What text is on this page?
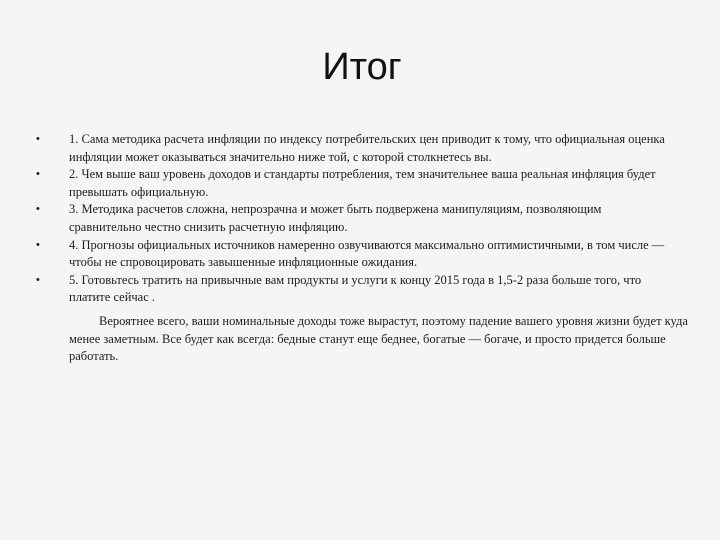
Итог
• 1. Сама методика расчета инфляции по индексу потребительских цен приводит к тому, что официальная оценка инфляции может оказываться значительно ниже той, с которой столкнетесь вы.
• 2. Чем выше ваш уровень доходов и стандарты потребления, тем значительнее ваша реальная инфляция будет превышать официальную.
• 3. Методика расчетов сложна, непрозрачна и может быть подвержена манипуляциям, позволяющим сравнительно честно снизить расчетную инфляцию.
• 4. Прогнозы официальных источников намеренно озвучиваются максимально оптимистичными, в том числе — чтобы не спровоцировать завышенные инфляционные ожидания.
• 5. Готовьтесь тратить на привычные вам продукты и услуги к концу 2015 года в 1,5-2 раза больше того, что платите сейчас .

Вероятнее всего, ваши номинальные доходы тоже вырастут, поэтому падение вашего уровня жизни будет куда менее заметным. Все будет как всегда: бедные станут еще беднее, богатые — богаче, и просто придется больше работать.
